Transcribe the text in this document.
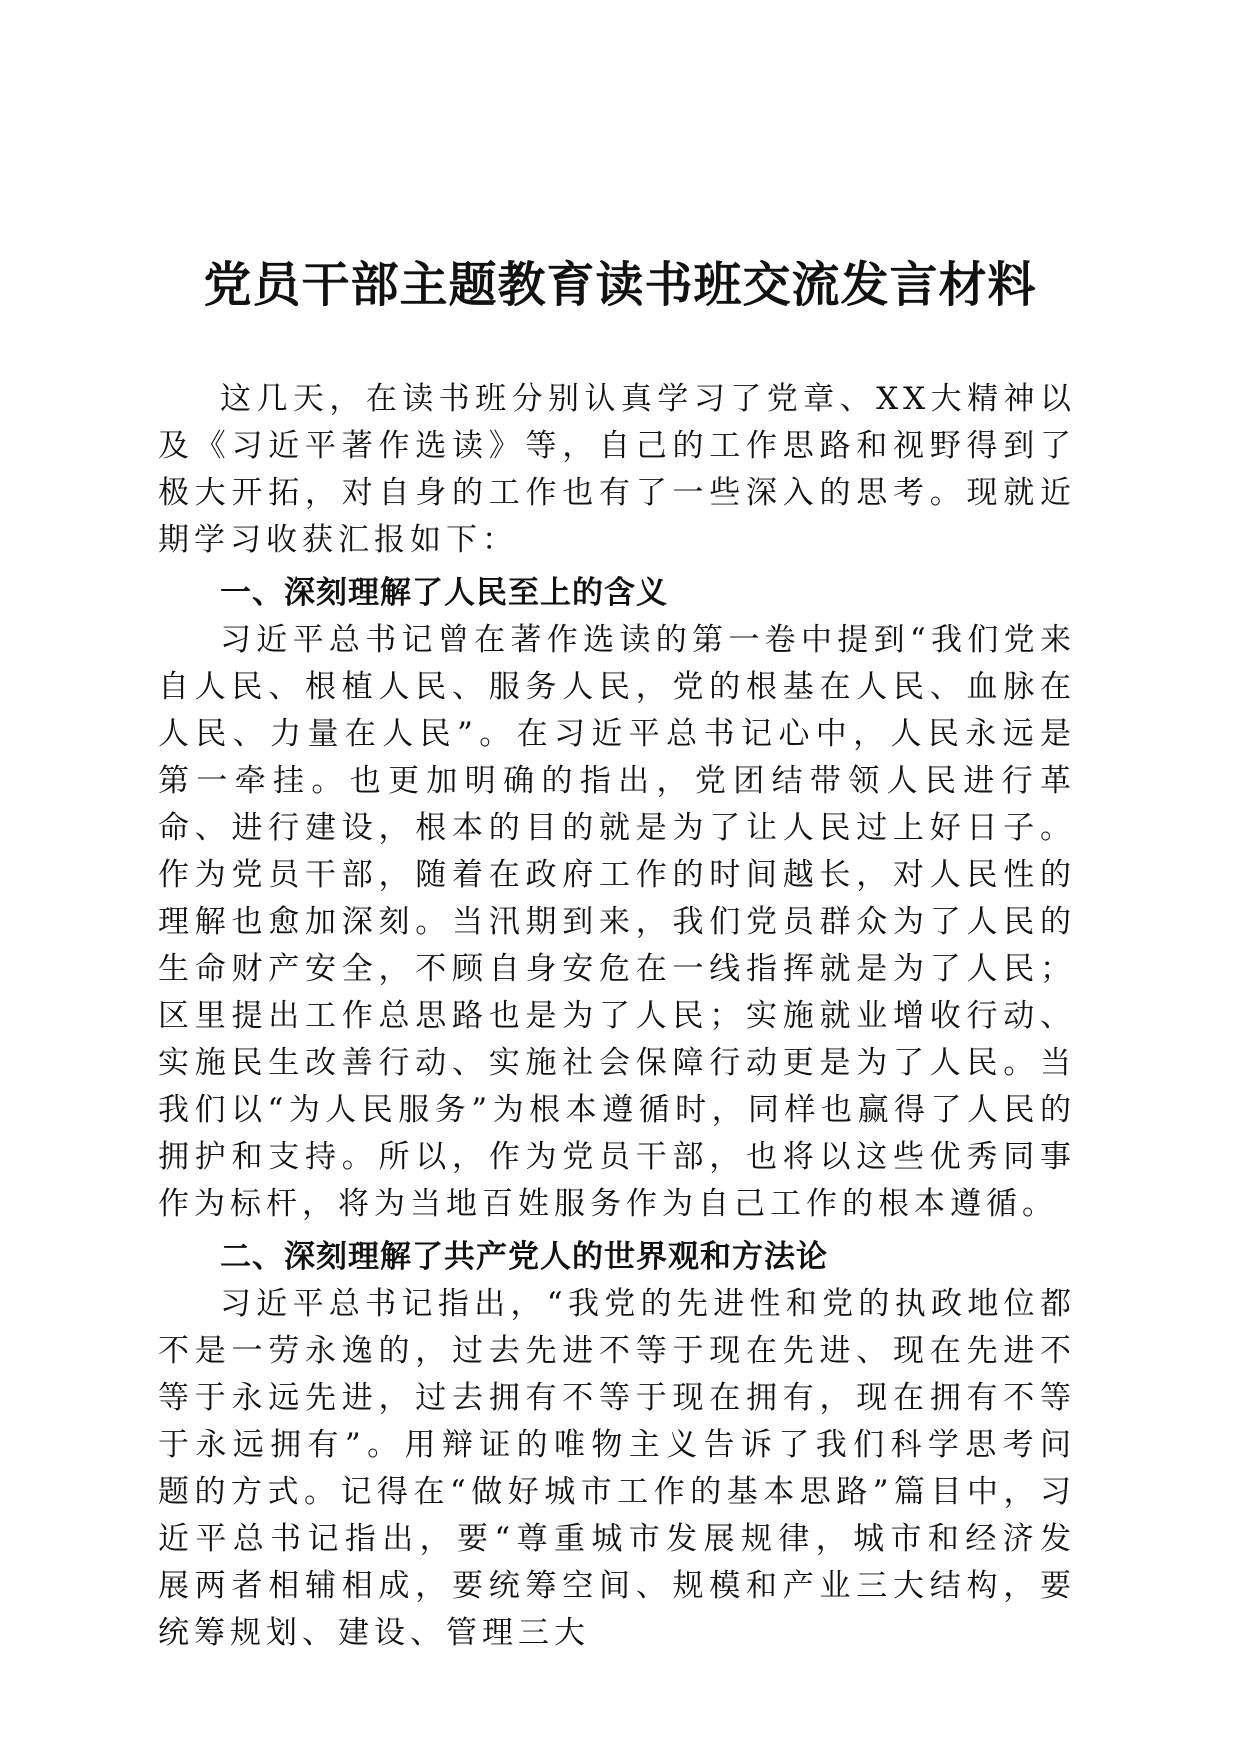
党员干部主题教育读书班交流发言材料

这几天，在读书班分别认真学习了党章、XX大精神以及《习近平著作选读》等，自己的工作思路和视野得到了极大开拓，对自身的工作也有了一些深入的思考。现就近期学习收获汇报如下：

一、深刻理解了人民至上的含义

习近平总书记曾在著作选读的第一卷中提到“我们党来自人民、根植人民、服务人民，党的根基在人民、血脉在人民、力量在人民”。在习近平总书记心中，人民永远是第一牵挂。也更加明确的指出，党团结带领人民进行革命、进行建设，根本的目的就是为了让人民过上好日子。作为党员干部，随着在政府工作的时间越长，对人民性的理解也愈加深刻。当汛期到来，我们党员群众为了人民的生命财产安全，不顾自身安危在一线指挥就是为了人民；区里提出工作总思路也是为了人民；实施就业增收行动、实施民生改善行动、实施社会保障行动更是为了人民。当我们以“为人民服务”为根本遵循时，同样也赢得了人民的拥护和支持。所以，作为党员干部，也将以这些优秀同事作为标杆，将为当地百姓服务作为自己工作的根本遵循。

二、深刻理解了共产党人的世界观和方法论

习近平总书记指出，“我党的先进性和党的执政地位都不是一劳永逸的，过去先进不等于现在先进、现在先进不等于永远先进，过去拥有不等于现在拥有，现在拥有不等于永远拥有”。用辩证的唯物主义告诉了我们科学思考问题的方式。记得在“做好城市工作的基本思路”篇目中，习近平总书记指出，要“尊重城市发展规律，城市和经济发展两者相辅相成，要统筹空间、规模和产业三大结构，要统筹规划、建设、管理三大
